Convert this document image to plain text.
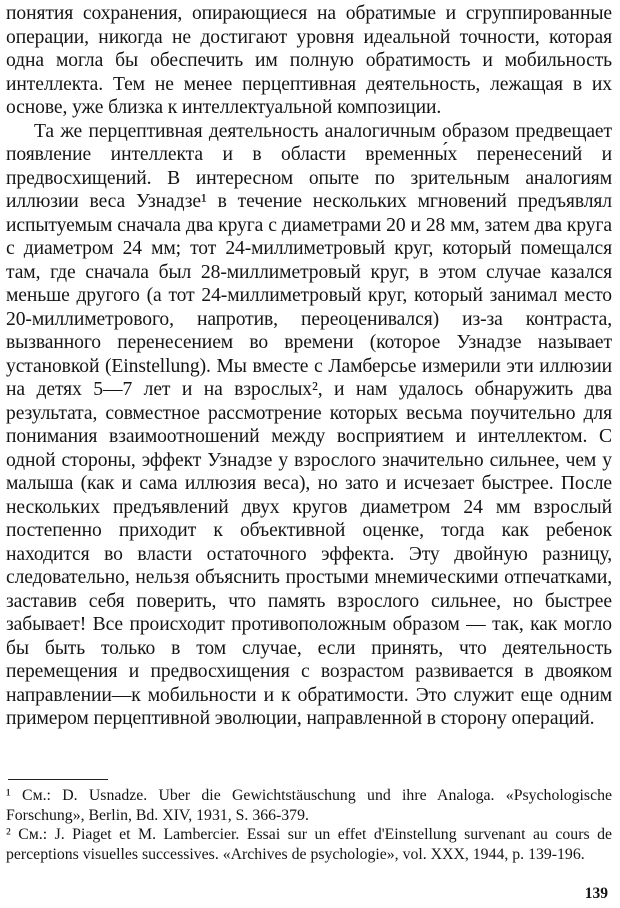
понятия сохранения, опирающиеся на обратимые и сгруппированные операции, никогда не достигают уровня идеальной точности, которая одна могла бы обеспечить им полную обратимость и мобильность интеллекта. Тем не менее перцептивная деятельность, лежащая в их основе, уже близка к интеллектуальной композиции.

Та же перцептивная деятельность аналогичным образом предвещает появление интеллекта и в области временны́х перенесений и предвосхищений. В интересном опыте по зрительным аналогиям иллюзии веса Узнадзе¹ в течение нескольких мгновений предъявлял испытуемым сначала два круга с диаметрами 20 и 28 мм, затем два круга с диаметром 24 мм; тот 24-миллиметровый круг, который помещался там, где сначала был 28-миллиметровый круг, в этом случае казался меньше другого (а тот 24-миллиметровый круг, который занимал место 20-миллиметрового, напротив, переоценивался) из-за контраста, вызванного перенесением во времени (которое Узнадзе называет установкой (Einstellung). Мы вместе с Ламберсье измерили эти иллюзии на детях 5—7 лет и на взрослых², и нам удалось обнаружить два результата, совместное рассмотрение которых весьма поучительно для понимания взаимоотношений между восприятием и интеллектом. С одной стороны, эффект Узнадзе у взрослого значительно сильнее, чем у малыша (как и сама иллюзия веса), но зато и исчезает быстрее. После нескольких предъявлений двух кругов диаметром 24 мм взрослый постепенно приходит к объективной оценке, тогда как ребенок находится во власти остаточного эффекта. Эту двойную разницу, следовательно, нельзя объяснить простыми мнемическими отпечатками, заставив себя поверить, что память взрослого сильнее, но быстрее забывает! Все происходит противоположным образом — так, как могло бы быть только в том случае, если принять, что деятельность перемещения и предвосхищения с возрастом развивается в двояком направлении—к мобильности и к обратимости. Это служит еще одним примером перцептивной эволюции, направленной в сторону операций.

¹ См.: D. Usnadze. Uber die Gewichtstäuschung und ihre Analoga. «Psychologische Forschung», Berlin, Bd. XIV, 1931, S. 366-379.

² См.: J. Piaget et M. Lambercier. Essai sur un effet d'Einstellung survenant au cours de perceptions visuelles successives. «Archives de psychologie», vol. XXX, 1944, p. 139-196.

139
